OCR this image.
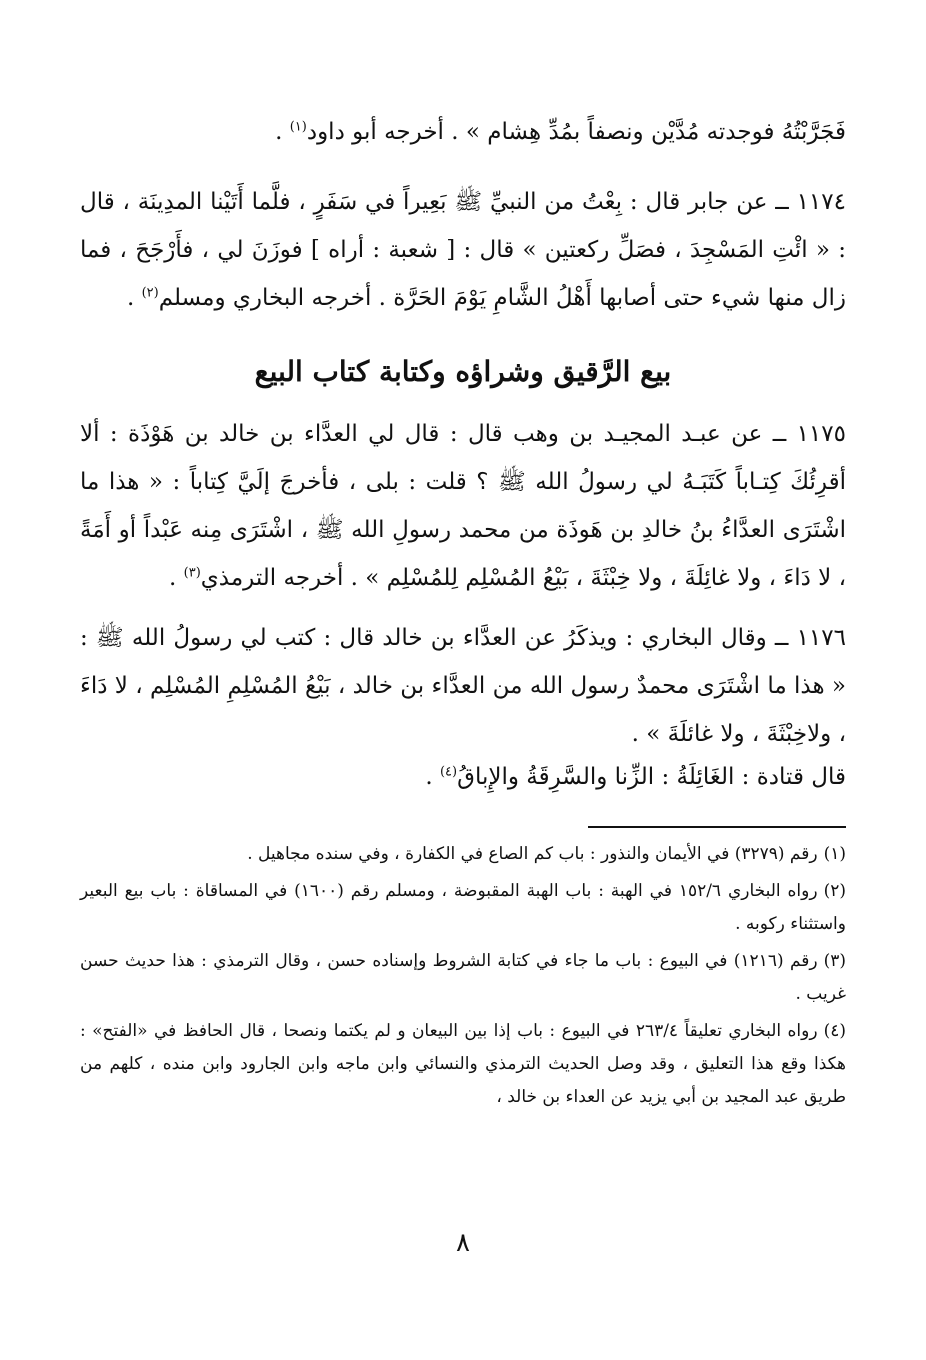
فَجَرَّبْتُهُ فوجدته مُدَّيْن ونصفاً بمُدِّ هِشام » . أخرجه أبو داود$^{(١)}$ .

١١٧٤ ــ عن جابر قال : بِعْتُ من النبيِّ ﷺ بَعِيراً في سَفَرٍ ، فلَّما أَتَيْنا المدِينَة ، قال : « ائْتِ المَسْجِدَ ، فصَلِّ ركعتين » قال : [ شعبة : أراه ] فوزَنَ لي ، فأَرْجَحَ ، فما زال منها شيء حتى أصابها أَهْلُ الشَّامِ يَوْمَ الحَرَّة . أخرجه البخاري ومسلم$^{(٢)}$ .

بيع الرَّقيق وشراؤه وكتابة كتاب البيع

١١٧٥ ــ عن عبـد المجيـد بن وهب قال : قال لي العدَّاء بن خالد بن هَوْذَة : ألا أقرِئُكَ كِتـاباً كَتَبَـهُ لي رسولُ الله ﷺ ؟ قلت : بلى ، فأخرجَ إلَيَّ كِتاباً : « هذا ما اشْتَرَى العدَّاءُ بنُ خالدِ بن هَوذَة من محمد رسولِ الله ﷺ ، اشْتَرَى مِنه عَبْداً أو أَمَةً ، لا دَاءَ ، ولا غائِلَةَ ، ولا خِبْثَةَ ، بَيْعُ المُسْلِم لِلمُسْلِم » . أخرجه الترمذي$^{(٣)}$ .

١١٧٦ ــ وقال البخاري : ويذكَرُ عن العدَّاء بن خالد قال : كتب لي رسولُ الله ﷺ : « هذا ما اشْتَرَى محمدٌ رسول الله من العدَّاء بن خالد ، بَيْعُ المُسْلِمِ المُسْلِم ، لا دَاءَ ، ولاخِبْثَةَ ، ولا غائلَةَ » .

قال قتادة : الغَائِلَةُ : الزِّنا والسَّرِقَةُ والإِباقُ$^{(٤)}$ .

(١)رقم (٣٢٧٩) في الأيمان والنذور : باب كم الصاع في الكفارة ، وفي سنده مجاهيل .

(٢)رواه البخاري ١٥٢/٦ في الهبة : باب الهبة المقبوضة ، ومسلم رقم (١٦٠٠) في المساقاة : باب بيع البعير واستثناء ركوبه .

(٣)رقم (١٢١٦) في البيوع : باب ما جاء في كتابة الشروط وإسناده حسن ، وقال الترمذي : هذا حديث حسن غريب .

(٤)رواه البخاري تعليقاً ٢٦٣/٤ في البيوع : باب إذا بين البيعان و لم يكتما ونصحا ، قال الحافظ في «الفتح» : هكذا وقع هذا التعليق ، وقد وصل الحديث الترمذي والنسائي وابن ماجه وابن الجارود وابن منده ، كلهم من طريق عبد المجيد بن أبي يزيد عن العداء بن خالد ،

٨
